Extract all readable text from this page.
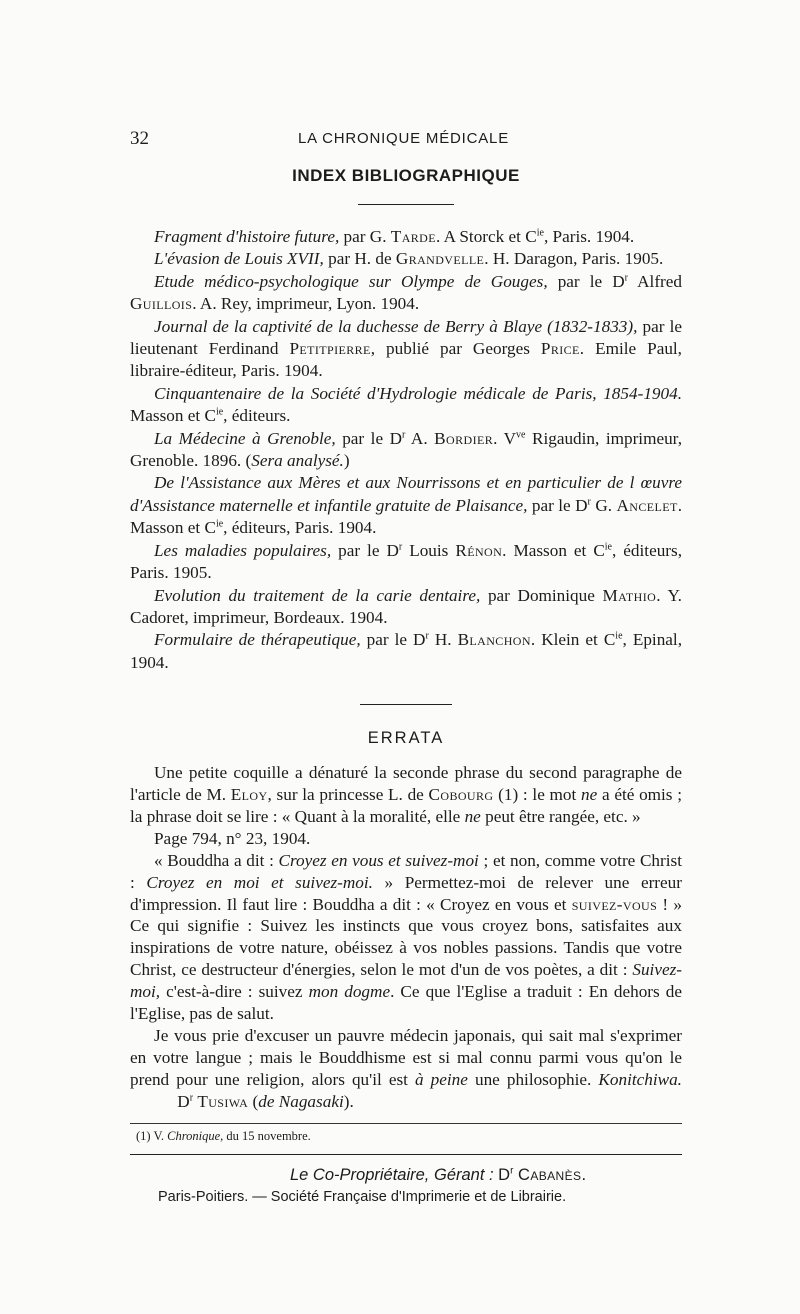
32	LA CHRONIQUE MÉDICALE
INDEX BIBLIOGRAPHIQUE

Fragment d'histoire future, par G. Tarde. A Storck et $C^{ie}$, Paris. 1904.

L'évasion de Louis XVII, par H. de Grandvelle. H. Daragon, Paris. 1905.

Etude médico-psychologique sur Olympe de Gouges, par le $D^r$ Alfred Guillois. A. Rey, imprimeur, Lyon. 1904.

Journal de la captivité de la duchesse de Berry à Blaye (1832-1833), par le lieutenant Ferdinand Petitpierre, publié par Georges Price. Emile Paul, libraire-éditeur, Paris. 1904.

Cinquantenaire de la Société d'Hydrologie médicale de Paris, 1854-1904. Masson et $C^{ie}$, éditeurs.

La Médecine à Grenoble, par le $D^r$ A. Bordier. $V^{ve}$ Rigaudin, imprimeur, Grenoble. 1896. (Sera analysé.)

De l'Assistance aux Mères et aux Nourrissons et en particulier de l œuvre d'Assistance maternelle et infantile gratuite de Plaisance, par le $D^r$ G. Ancelet. Masson et $C^{ie}$, éditeurs, Paris. 1904.

Les maladies populaires, par le $D^r$ Louis Rénon. Masson et $C^{ie}$, éditeurs, Paris. 1905.

Evolution du traitement de la carie dentaire, par Dominique Mathio. Y. Cadoret, imprimeur, Bordeaux. 1904.

Formulaire de thérapeutique, par le $D^r$ H. Blanchon. Klein et $C^{ie}$, Epinal, 1904.

ERRATA

Une petite coquille a dénaturé la seconde phrase du second paragraphe de l'article de M. Eloy, sur la princesse L. de Cobourg (1) : le mot ne a été omis ; la phrase doit se lire : « Quant à la moralité, elle ne peut être rangée, etc. »

Page 794, n° 23, 1904.

« Bouddha a dit : Croyez en vous et suivez-moi ; et non, comme votre Christ : Croyez en moi et suivez-moi. » Permettez-moi de relever une erreur d'impression. Il faut lire : Bouddha a dit : « Croyez en vous et suivez-vous ! » Ce qui signifie : Suivez les instincts que vous croyez bons, satisfaites aux inspirations de votre nature, obéissez à vos nobles passions. Tandis que votre Christ, ce destructeur d'énergies, selon le mot d'un de vos poètes, a dit : Suivez-moi, c'est-à-dire : suivez mon dogme. Ce que l'Eglise a traduit : En dehors de l'Eglise, pas de salut.

Je vous prie d'excuser un pauvre médecin japonais, qui sait mal s'exprimer en votre langue ; mais le Bouddhisme est si mal connu parmi vous qu'on le prend pour une religion, alors qu'il est à peine une philosophie. Konitchiwa.           $D^r$ Tusiwa (de Nagasaki).

(1) V. Chronique, du 15 novembre.
Le Co-Propriétaire, Gérant : $D^r$ Cabanès.
Paris-Poitiers. — Société Française d'Imprimerie et de Librairie.
